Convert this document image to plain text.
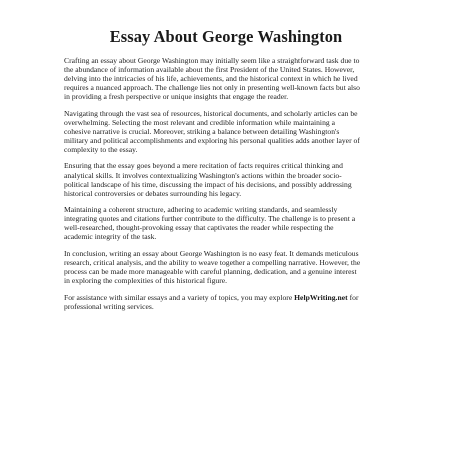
Essay About George Washington

Crafting an essay about George Washington may initially seem like a straightforward task due to
the abundance of information available about the first President of the United States. However,
delving into the intricacies of his life, achievements, and the historical context in which he lived
requires a nuanced approach. The challenge lies not only in presenting well-known facts but also
in providing a fresh perspective or unique insights that engage the reader.

Navigating through the vast sea of resources, historical documents, and scholarly articles can be
overwhelming. Selecting the most relevant and credible information while maintaining a
cohesive narrative is crucial. Moreover, striking a balance between detailing Washington's
military and political accomplishments and exploring his personal qualities adds another layer of
complexity to the essay.

Ensuring that the essay goes beyond a mere recitation of facts requires critical thinking and
analytical skills. It involves contextualizing Washington's actions within the broader socio-
political landscape of his time, discussing the impact of his decisions, and possibly addressing
historical controversies or debates surrounding his legacy.

Maintaining a coherent structure, adhering to academic writing standards, and seamlessly
integrating quotes and citations further contribute to the difficulty. The challenge is to present a
well-researched, thought-provoking essay that captivates the reader while respecting the
academic integrity of the task.

In conclusion, writing an essay about George Washington is no easy feat. It demands meticulous
research, critical analysis, and the ability to weave together a compelling narrative. However, the
process can be made more manageable with careful planning, dedication, and a genuine interest
in exploring the complexities of this historical figure.

For assistance with similar essays and a variety of topics, you may explore HelpWriting.net for
professional writing services.
